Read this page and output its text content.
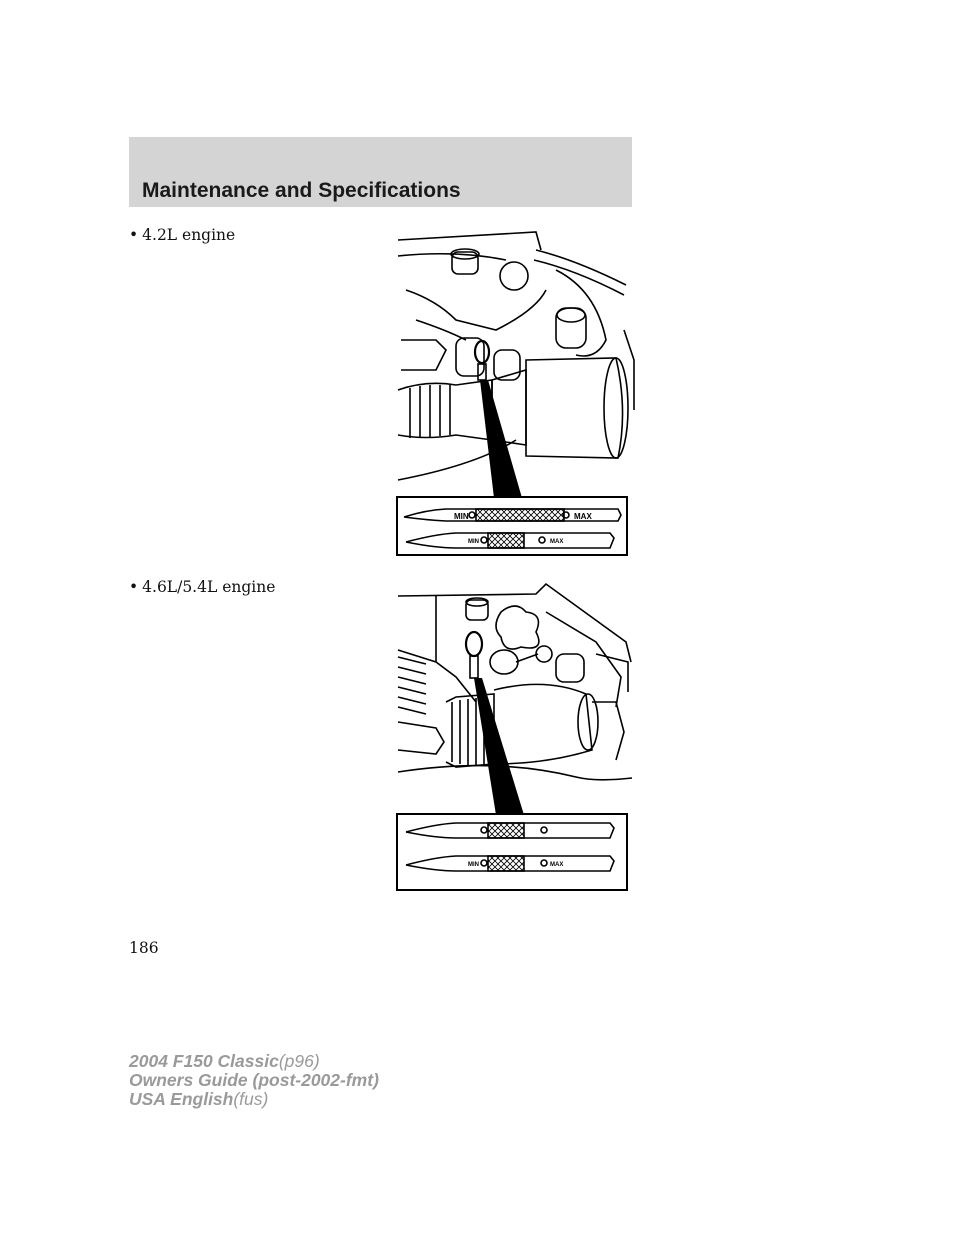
Maintenance and Specifications
• 4.2L engine
MIN	MAX
MIN	MAX
• 4.6L/5.4L engine
MIN	MAX
186
2004 F150 Classic(p96)
Owners Guide (post-2002-fmt)
USA English(fus)
